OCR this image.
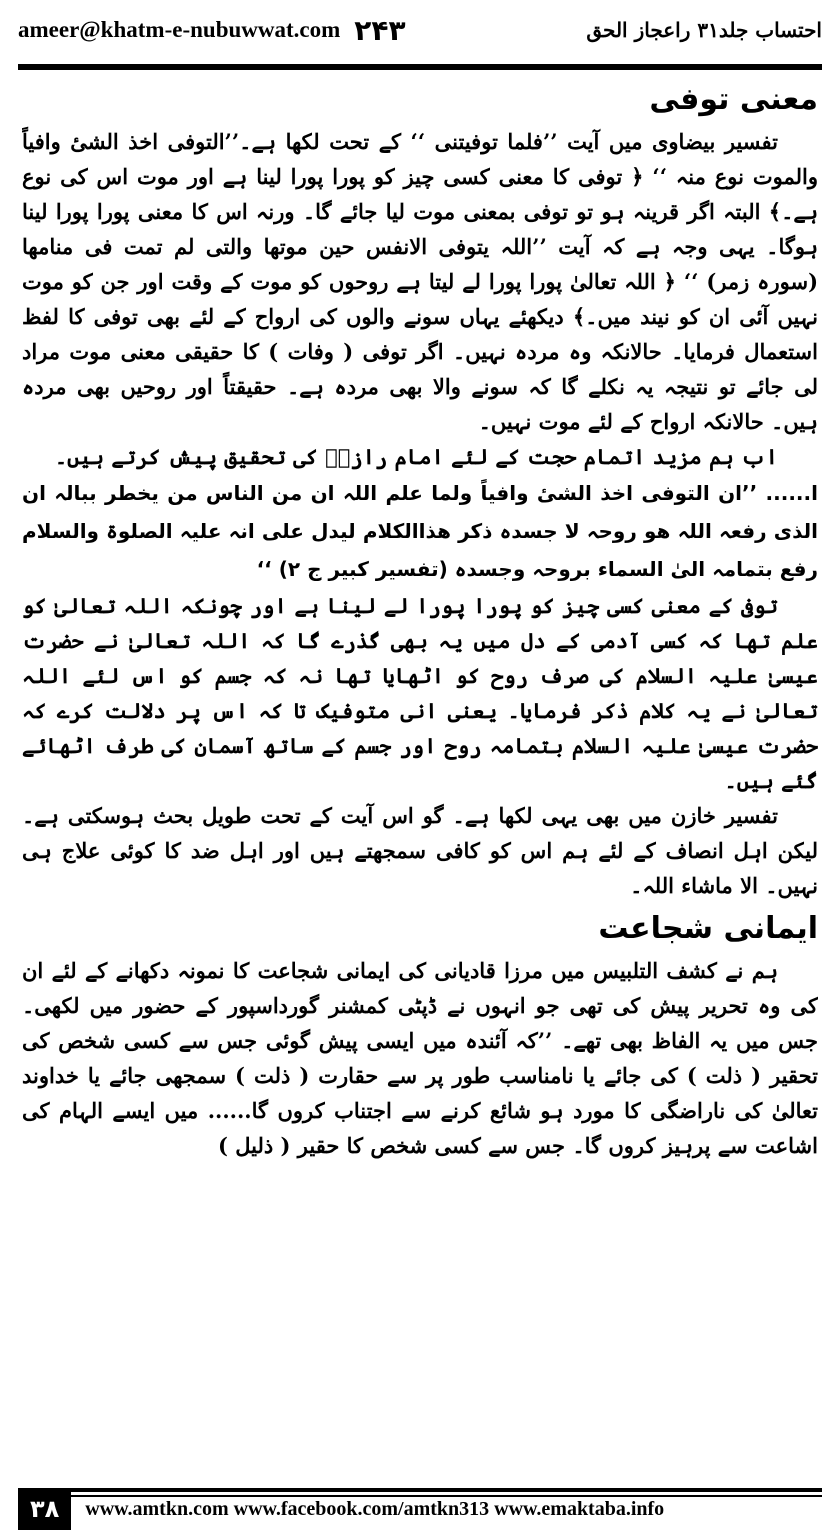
ameer@khatm-e-nubuwwat.com ۲۴۳	احتساب جلد۳۱ راعجاز الحق
معنی توفی

تفسیر بیضاوی میں آیت ’’فلما توفیتنی ‘‘ کے تحت لکھا ہے۔’’التوفی اخذ الشیٔ وافیاً والموت نوع منہ ‘‘ ﴿ توفی کا معنی کسی چیز کو پورا پورا لینا ہے اور موت اس کی نوع ہے۔﴾ البتہ اگر قرینہ ہو تو توفی بمعنی موت لیا جائے گا۔ ورنہ اس کا معنی پورا پورا لینا ہوگا۔ یہی وجہ ہے کہ آیت ’’اللہ یتوفی الانفس حین موتھا والتی لم تمت فی منامھا (سورہ زمر) ‘‘ ﴿ اللہ تعالیٰ پورا پورا لے لیتا ہے روحوں کو موت کے وقت اور جن کو موت نہیں آئی ان کو نیند میں۔﴾ دیکھئے یہاں سونے والوں کی ارواح کے لئے بھی توفی کا لفظ استعمال فرمایا۔ حالانکہ وہ مردہ نہیں۔ اگر توفی ( وفات ) کا حقیقی معنی موت مراد لی جائے تو نتیجہ یہ نکلے گا کہ سونے والا بھی مردہ ہے۔ حقیقتاً اور روحیں بھی مردہ ہیں۔ حالانکہ ارواح کے لئے موت نہیں۔

اب ہم مزید اتمام حجت کے لئے امام رازیؒ کی تحقیق پیش کرتے ہیں۔

ا...... ’’ان التوفی اخذ الشیٔ وافیاً ولما علم اللہ ان من الناس من یخطر ببالہ ان الذی رفعہ اللہ ھو روحہ لا جسدہ ذکر ھذاالکلام لیدل علی انہ علیہ الصلوۃ والسلام رفع بتمامہ الیٰ السماء بروحہ وجسدہ (تفسیر کبیر ج ۲) ‘‘

توفی کے معنی کسی چیز کو پورا پورا لے لینا ہے اور چونکہ اللہ تعالیٰ کو علم تھا کہ کسی آدمی کے دل میں یہ بھی گذرے گا کہ اللہ تعالیٰ نے حضرت عیسیٰ علیہ السلام کی صرف روح کو اٹھایا تھا نہ کہ جسم کو اس لئے اللہ تعالیٰ نے یہ کلام ذکر فرمایا۔ یعنی انی متوفیک تا کہ اس پر دلالت کرے کہ حضرت عیسیٰ علیہ السلام بتمامہ روح اور جسم کے ساتھ آسمان کی طرف اٹھائے گئے ہیں۔

تفسیر خازن میں بھی یہی لکھا ہے۔ گو اس آیت کے تحت طویل بحث ہوسکتی ہے۔ لیکن اہل انصاف کے لئے ہم اس کو کافی سمجھتے ہیں اور اہل ضد کا کوئی علاج ہی نہیں۔ الا ماشاء اللہ۔

ایمانی شجاعت

ہم نے کشف التلبیس میں مرزا قادیانی کی ایمانی شجاعت کا نمونہ دکھانے کے لئے ان کی وہ تحریر پیش کی تھی جو انہوں نے ڈپٹی کمشنر گورداسپور کے حضور میں لکھی۔ جس میں یہ الفاظ بھی تھے۔ ’’کہ آئندہ میں ایسی پیش گوئی جس سے کسی شخص کی تحقیر ( ذلت ) کی جائے یا نامناسب طور پر سے حقارت ( ذلت ) سمجھی جائے یا خداوند تعالیٰ کی ناراضگی کا مورد ہو شائع کرنے سے اجتناب کروں گا...... میں ایسے الہام کی اشاعت سے پرہیز کروں گا۔ جس سے کسی شخص کا حقیر ( ذلیل )

۳۸	www.amtkn.com www.facebook.com/amtkn313 www.emaktaba.info
